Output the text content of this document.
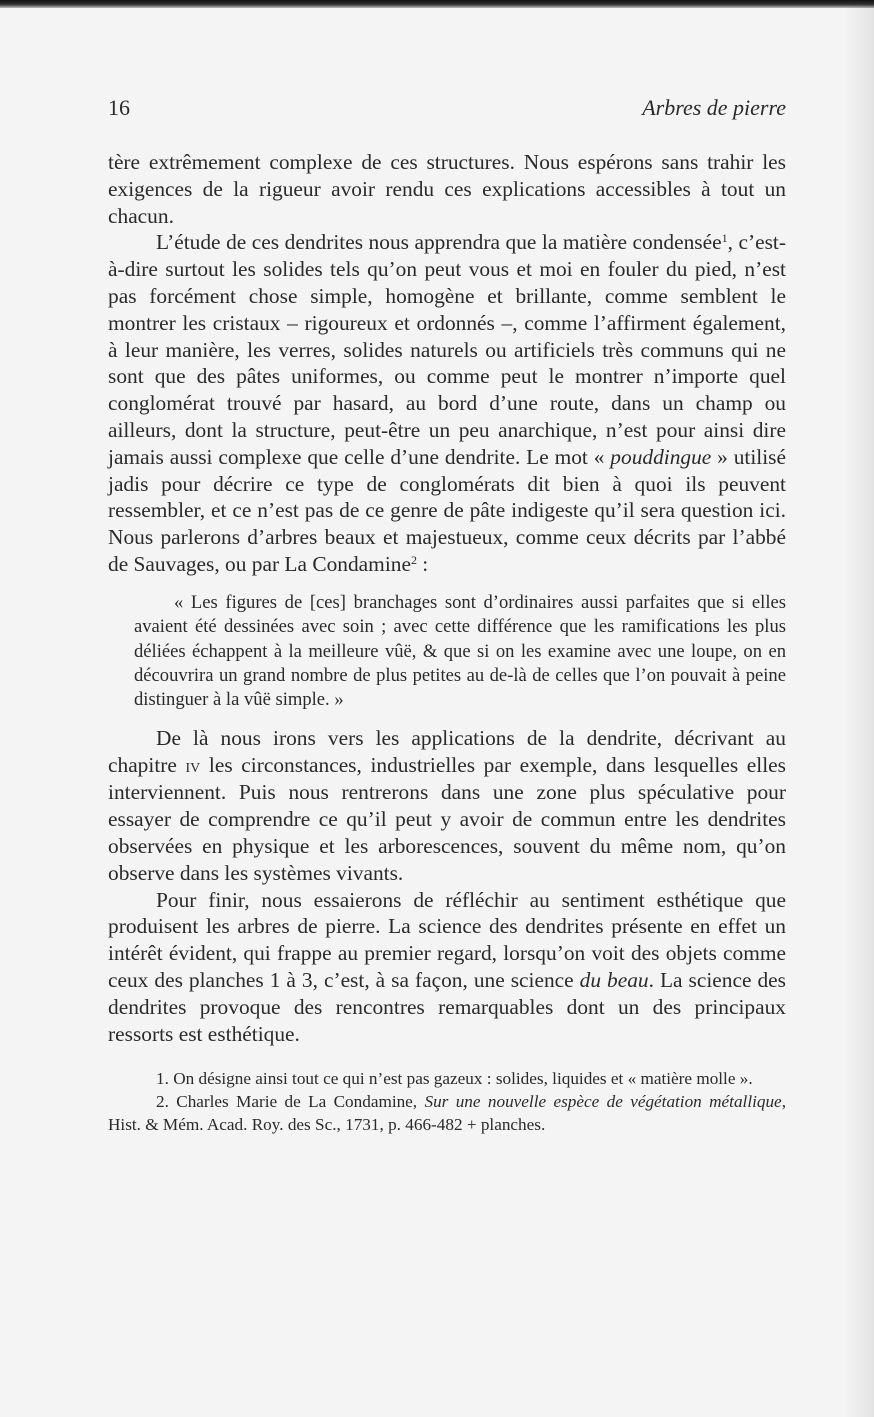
16	Arbres de pierre

tère extrêmement complexe de ces structures. Nous espérons sans trahir les exigences de la rigueur avoir rendu ces explications accessibles à tout un chacun.

L’étude de ces dendrites nous apprendra que la matière condensée$^1$, c’est-à-dire surtout les solides tels qu’on peut vous et moi en fouler du pied, n’est pas forcément chose simple, homogène et brillante, comme semblent le montrer les cristaux – rigoureux et ordonnés –, comme l’affirment également, à leur manière, les verres, solides naturels ou artificiels très communs qui ne sont que des pâtes uniformes, ou comme peut le montrer n’importe quel conglomérat trouvé par hasard, au bord d’une route, dans un champ ou ailleurs, dont la structure, peut-être un peu anarchique, n’est pour ainsi dire jamais aussi complexe que celle d’une dendrite. Le mot « pouddingue » utilisé jadis pour décrire ce type de conglomérats dit bien à quoi ils peuvent ressembler, et ce n’est pas de ce genre de pâte indigeste qu’il sera question ici. Nous parlerons d’arbres beaux et majestueux, comme ceux décrits par l’abbé de Sauvages, ou par La Condamine$^2$ :

« Les figures de [ces] branchages sont d’ordinaires aussi parfaites que si elles avaient été dessinées avec soin ; avec cette différence que les ramifications les plus déliées échappent à la meilleure vûë, & que si on les examine avec une loupe, on en découvrira un grand nombre de plus petites au de-là de celles que l’on pouvait à peine distinguer à la vûë simple. »

De là nous irons vers les applications de la dendrite, décrivant au chapitre iv les circonstances, industrielles par exemple, dans lesquelles elles interviennent. Puis nous rentrerons dans une zone plus spéculative pour essayer de comprendre ce qu’il peut y avoir de commun entre les dendrites observées en physique et les arborescences, souvent du même nom, qu’on observe dans les systèmes vivants.

Pour finir, nous essaierons de réfléchir au sentiment esthétique que produisent les arbres de pierre. La science des dendrites présente en effet un intérêt évident, qui frappe au premier regard, lorsqu’on voit des objets comme ceux des planches 1 à 3, c’est, à sa façon, une science du beau. La science des dendrites provoque des rencontres remarquables dont un des principaux ressorts est esthétique.

1. On désigne ainsi tout ce qui n’est pas gazeux : solides, liquides et « matière molle ».

2. Charles Marie de La Condamine, Sur une nouvelle espèce de végétation métallique, Hist. & Mém. Acad. Roy. des Sc., 1731, p. 466-482 + planches.
